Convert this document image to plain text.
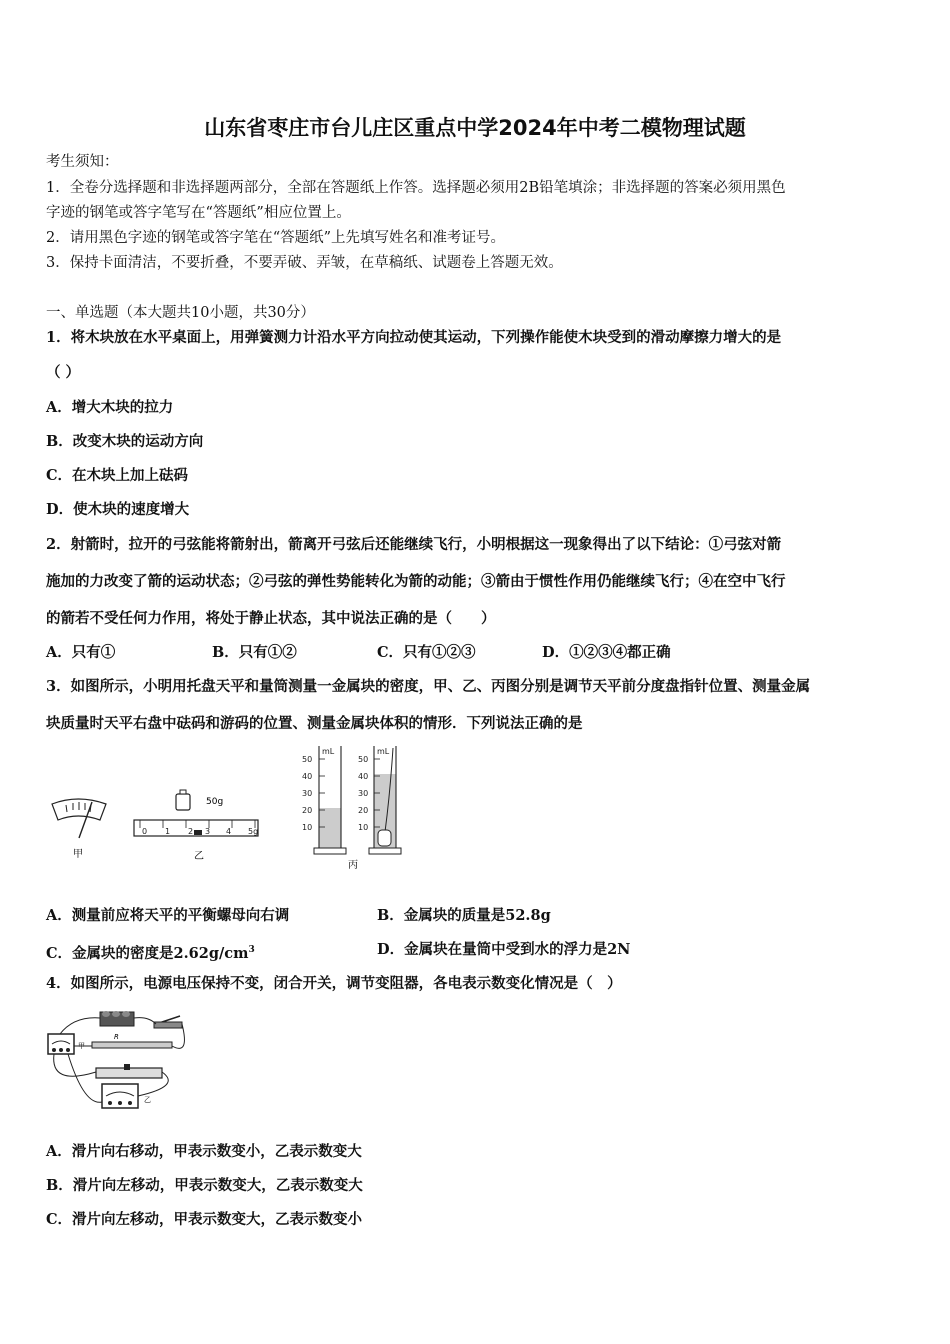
山东省枣庄市台儿庄区重点中学2024年中考二模物理试题
考生须知：
1．全卷分选择题和非选择题两部分，全部在答题纸上作答。选择题必须用2B铅笔填涂；非选择题的答案必须用黑色
字迹的钢笔或答字笔写在“答题纸”相应位置上。
2．请用黑色字迹的钢笔或答字笔在“答题纸”上先填写姓名和准考证号。
3．保持卡面清洁，不要折叠，不要弄破、弄皱，在草稿纸、试题卷上答题无效。
一、单选题（本大题共10小题，共30分）
1．将木块放在水平桌面上，用弹簧测力计沿水平方向拉动使其运动，下列操作能使木块受到的滑动摩擦力增大的是
（ ）
A．增大木块的拉力
B．改变木块的运动方向
C．在木块上加上砝码
D．使木块的速度增大
2．射箭时，拉开的弓弦能将箭射出，箭离开弓弦后还能继续飞行，小明根据这一现象得出了以下结论：①弓弦对箭
施加的力改变了箭的运动状态；②弓弦的弹性势能转化为箭的动能；③箭由于惯性作用仍能继续飞行；④在空中飞行
的箭若不受任何力作用，将处于静止状态，其中说法正确的是（　　）
A．只有①	B．只有①②	C．只有①②③	D．①②③④都正确
3．如图所示，小明用托盘天平和量筒测量一金属块的密度，甲、乙、丙图分别是调节天平前分度盘指针位置、测量金属
块质量时天平右盘中砝码和游码的位置、测量金属块体积的情形．下列说法正确的是
甲
50g
0 1 2 3 4 5g
乙
mL	mL
50
40
30
20
10
50
40
30
20
10
丙
A．测量前应将天平的平衡螺母向右调	B．金属块的质量是52.8g
C．金属块的密度是$2.62g/cm^3$	D．金属块在量筒中受到水的浮力是2N
4．如图所示，电源电压保持不变，闭合开关，调节变阻器，各电表示数变化情况是（　）
甲
R
乙
A．滑片向右移动，甲表示数变小，乙表示数变大
B．滑片向左移动，甲表示数变大，乙表示数变大
C．滑片向左移动，甲表示数变大，乙表示数变小
